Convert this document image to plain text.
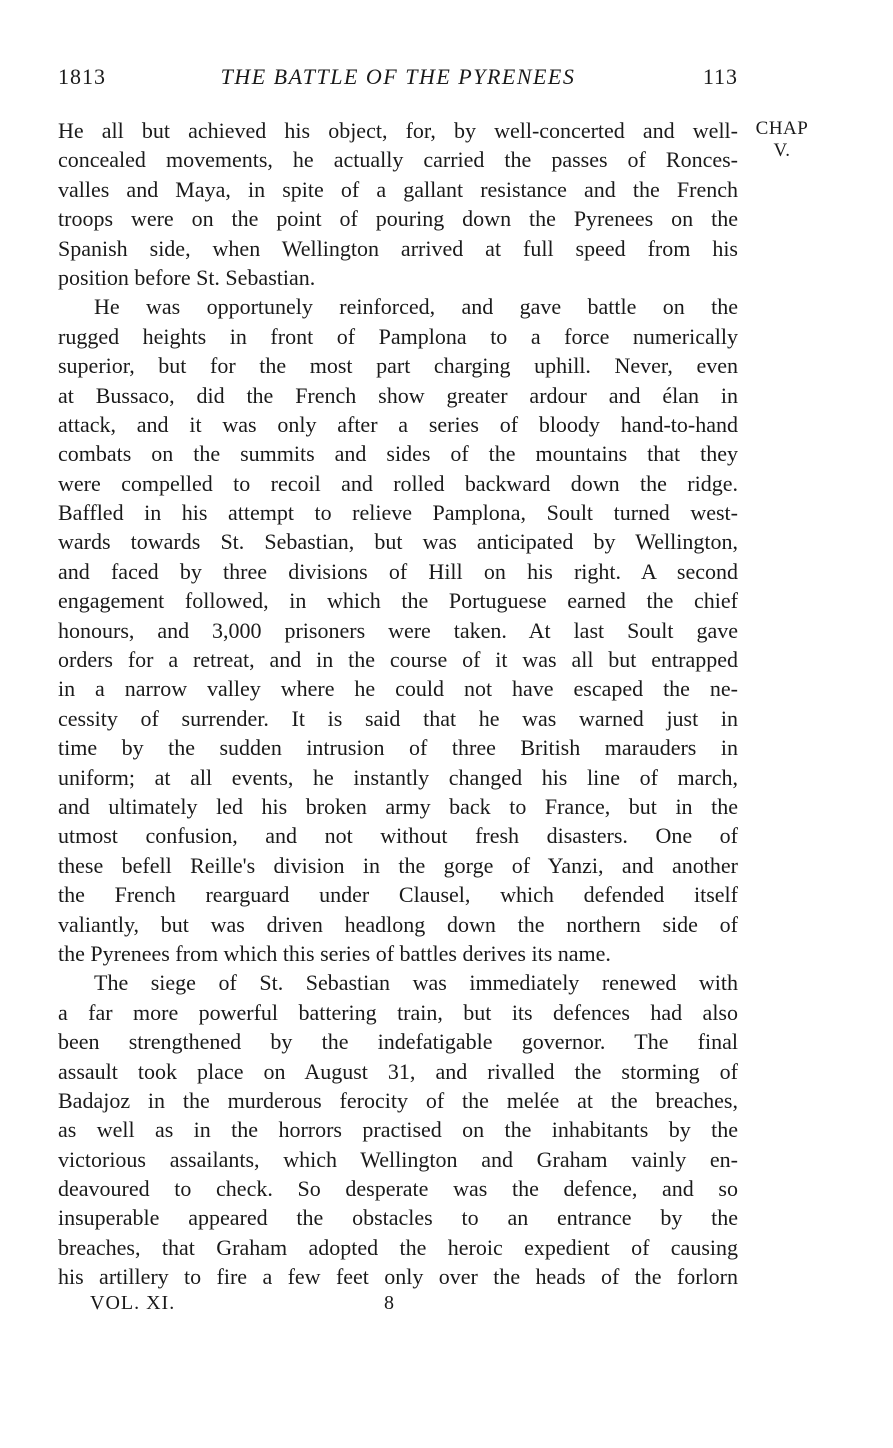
1813	THE BATTLE OF THE PYRENEES	113
CHAP
V.
He all but achieved his object, for, by well-concerted and well-
concealed movements, he actually carried the passes of Ronces-
valles and Maya, in spite of a gallant resistance and the French
troops were on the point of pouring down the Pyrenees on the
Spanish side, when Wellington arrived at full speed from his
position before St. Sebastian.
He was opportunely reinforced, and gave battle on the
rugged heights in front of Pamplona to a force numerically
superior, but for the most part charging uphill. Never, even
at Bussaco, did the French show greater ardour and élan in
attack, and it was only after a series of bloody hand-to-hand
combats on the summits and sides of the mountains that they
were compelled to recoil and rolled backward down the ridge.
Baffled in his attempt to relieve Pamplona, Soult turned west-
wards towards St. Sebastian, but was anticipated by Wellington,
and faced by three divisions of Hill on his right. A second
engagement followed, in which the Portuguese earned the chief
honours, and 3,000 prisoners were taken. At last Soult gave
orders for a retreat, and in the course of it was all but entrapped
in a narrow valley where he could not have escaped the ne-
cessity of surrender. It is said that he was warned just in
time by the sudden intrusion of three British marauders in
uniform; at all events, he instantly changed his line of march,
and ultimately led his broken army back to France, but in the
utmost confusion, and not without fresh disasters. One of
these befell Reille's division in the gorge of Yanzi, and another
the French rearguard under Clausel, which defended itself
valiantly, but was driven headlong down the northern side of
the Pyrenees from which this series of battles derives its name.
The siege of St. Sebastian was immediately renewed with
a far more powerful battering train, but its defences had also
been strengthened by the indefatigable governor. The final
assault took place on August 31, and rivalled the storming of
Badajoz in the murderous ferocity of the melée at the breaches,
as well as in the horrors practised on the inhabitants by the
victorious assailants, which Wellington and Graham vainly en-
deavoured to check. So desperate was the defence, and so
insuperable appeared the obstacles to an entrance by the
breaches, that Graham adopted the heroic expedient of causing
his artillery to fire a few feet only over the heads of the forlorn
VOL. XI.	8
